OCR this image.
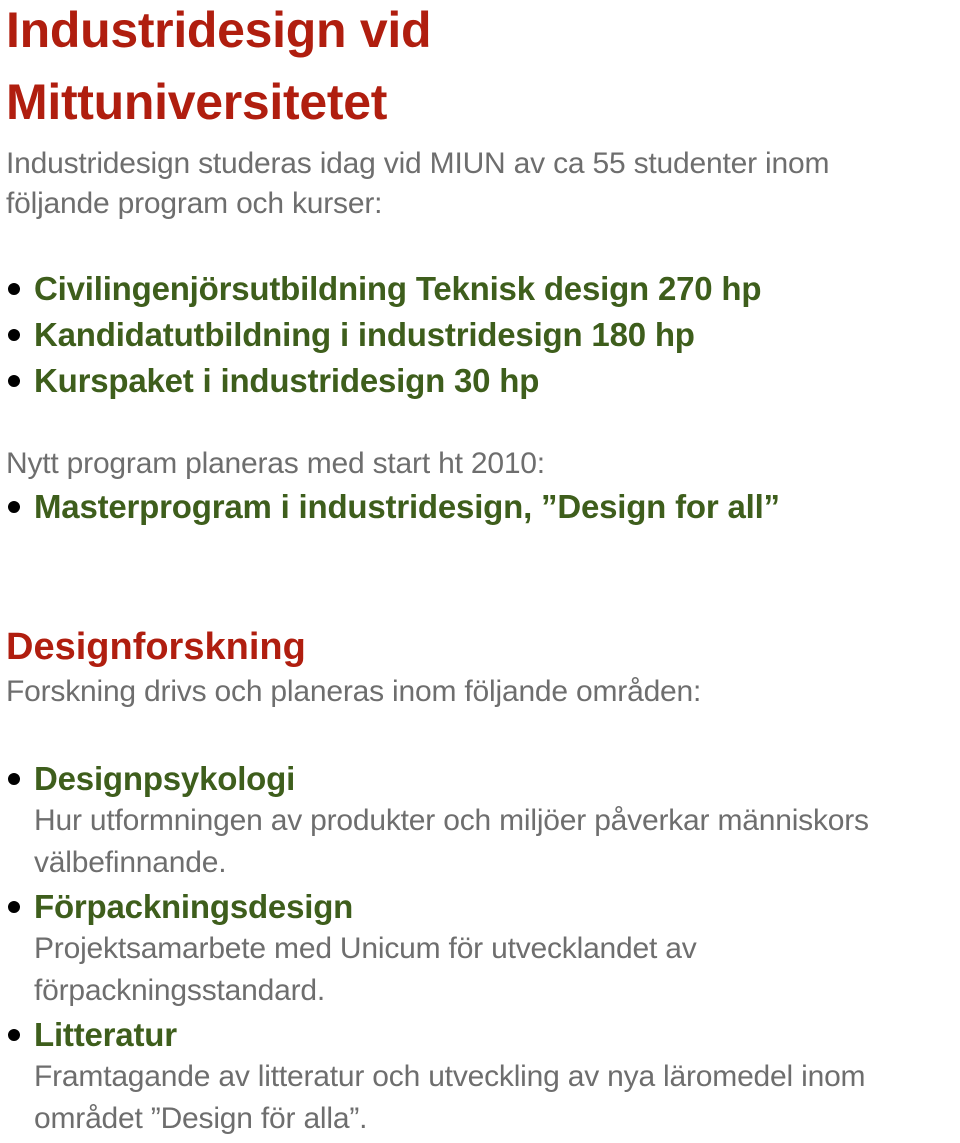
Industridesign vid
Mittuniversitetet

Industridesign studeras idag vid MIUN av ca 55 studenter inom
följande program och kurser:

Civilingenjörsutbildning Teknisk design 270 hp
Kandidatutbildning i industridesign 180 hp
Kurspaket i industridesign 30 hp
Nytt program planeras med start ht 2010:
Masterprogram i industridesign, ”Design for all”
Designforskning

Forskning drivs och planeras inom följande områden:

Designpsykologi
Hur utformningen av produkter och miljöer påverkar människors
välbefinnande.
Förpackningsdesign
Projektsamarbete med Unicum för utvecklandet av
förpackningsstandard.
Litteratur
Framtagande av litteratur och utveckling av nya läromedel inom
området ”Design för alla”.
